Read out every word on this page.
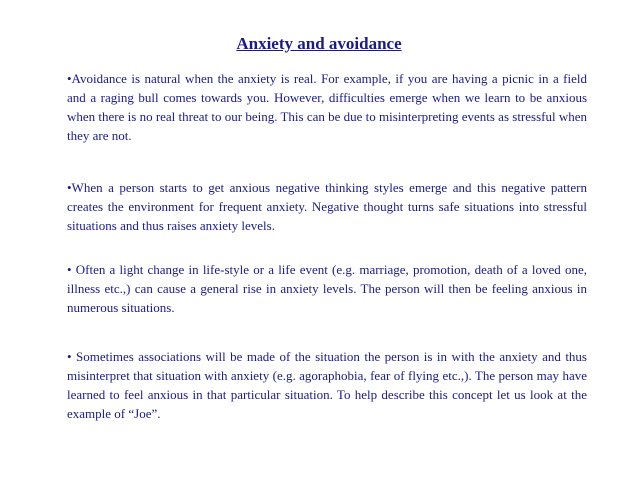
Anxiety and avoidance

•Avoidance is natural when the anxiety is real. For example, if you are having a picnic in a field and a raging bull comes towards you. However, difficulties emerge when we learn to be anxious when there is no real threat to our being. This can be due to misinterpreting events as stressful when they are not.

•When a person starts to get anxious negative thinking styles emerge and this negative pattern creates the environment for frequent anxiety. Negative thought turns safe situations into stressful situations and thus raises anxiety levels.

• Often a light change in life-style or a life event (e.g. marriage, promotion, death of a loved one, illness etc.,) can cause a general rise in anxiety levels. The person will then be feeling anxious in numerous situations.

• Sometimes associations will be made of the situation the person is in with the anxiety and thus misinterpret that situation with anxiety (e.g. agoraphobia, fear of flying etc.,). The person may have learned to feel anxious in that particular situation. To help describe this concept let us look at the example of “Joe”.
